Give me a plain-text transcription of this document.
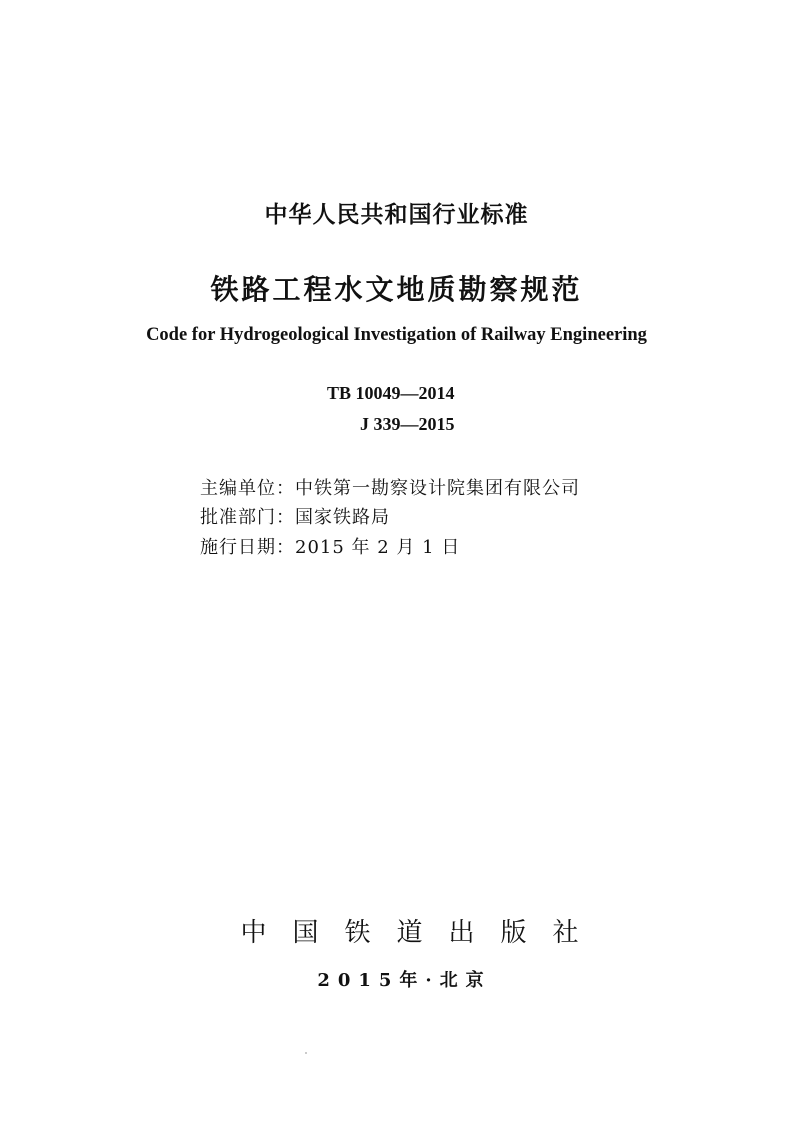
中华人民共和国行业标准
铁路工程水文地质勘察规范
Code for Hydrogeological Investigation of Railway Engineering
TB 10049—2014
J 339—2015
主编单位：中铁第一勘察设计院集团有限公司
批准部门：国家铁路局
施行日期：2015 年 2 月 1 日
中国铁道出版社
2015年·北京
